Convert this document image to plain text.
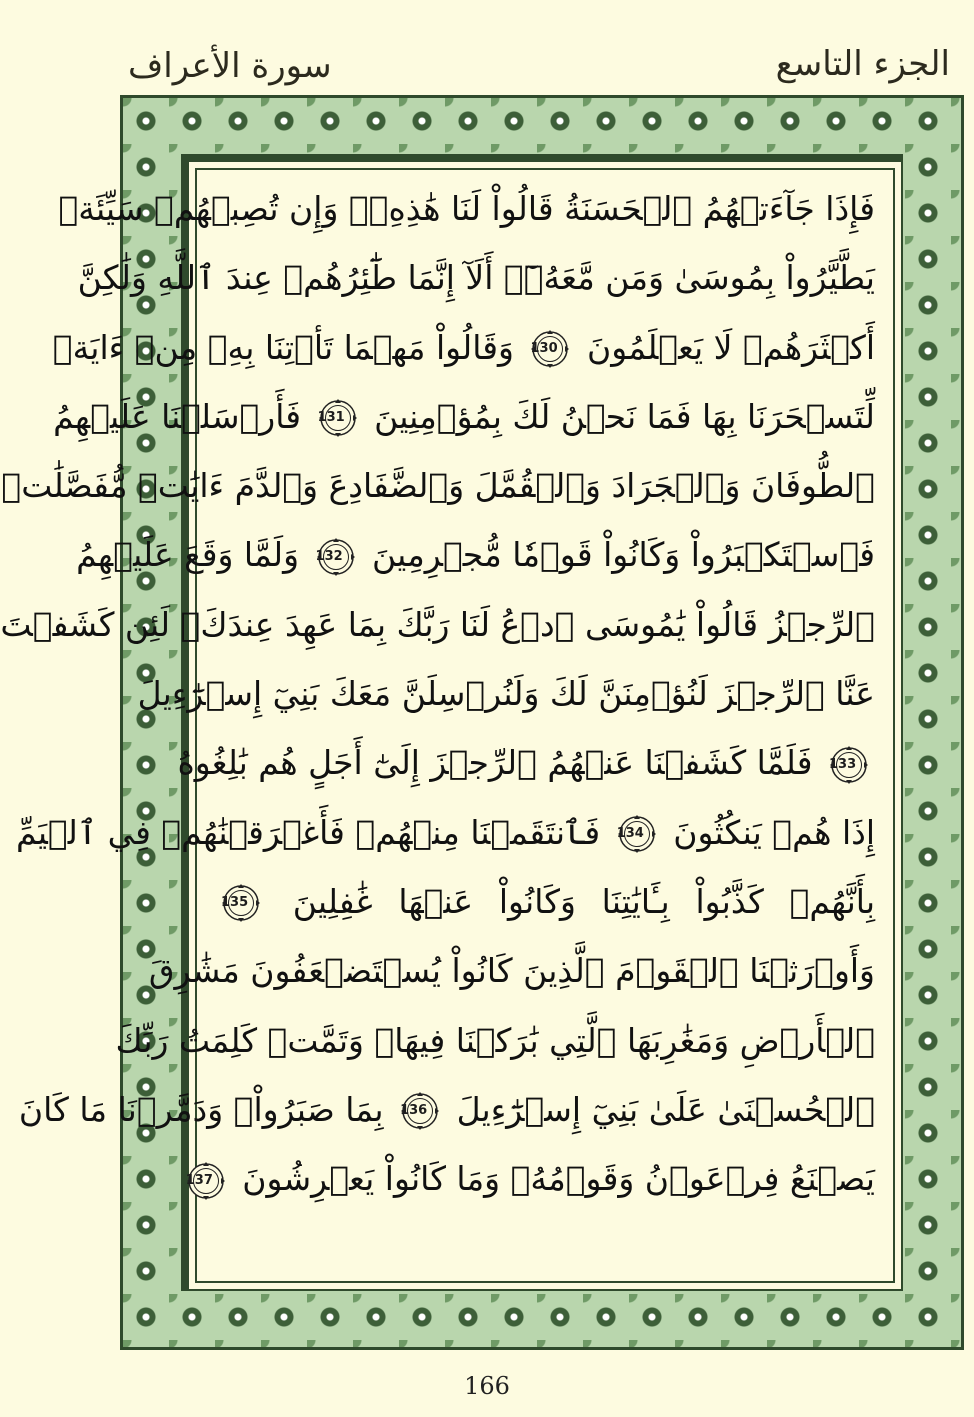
سورة الأعراف	الجزء التاسع
فَإِذَا جَآءَتۡهُمُ ٱلۡحَسَنَةُ قَالُواْ لَنَا هَٰذِهِۦۖ وَإِن تُصِبۡهُمۡ سَيِّئَةٞ
يَطَّيَّرُواْ بِمُوسَىٰ وَمَن مَّعَهُۥٓۗ أَلَآ إِنَّمَا طَٰٓئِرُهُمۡ عِندَ ٱللَّهِ وَلَٰكِنَّ
أَكۡثَرَهُمۡ لَا يَعۡلَمُونَ
130
وَقَالُواْ مَهۡمَا تَأۡتِنَا بِهِۦ مِنۡ ءَايَةٖ
لِّتَسۡحَرَنَا بِهَا فَمَا نَحۡنُ لَكَ بِمُؤۡمِنِينَ
131
فَأَرۡسَلۡنَا عَلَيۡهِمُ
ٱلطُّوفَانَ وَٱلۡجَرَادَ وَٱلۡقُمَّلَ وَٱلضَّفَادِعَ وَٱلدَّمَ ءَايَٰتٖ مُّفَصَّلَٰتٖ
فَٱسۡتَكۡبَرُواْ وَكَانُواْ قَوۡمٗا مُّجۡرِمِينَ
132
وَلَمَّا وَقَعَ عَلَيۡهِمُ
ٱلرِّجۡزُ قَالُواْ يَٰمُوسَى ٱدۡعُ لَنَا رَبَّكَ بِمَا عَهِدَ عِندَكَۖ لَئِن كَشَفۡتَ
عَنَّا ٱلرِّجۡزَ لَنُؤۡمِنَنَّ لَكَ وَلَنُرۡسِلَنَّ مَعَكَ بَنِيٓ إِسۡرَٰٓءِيلَ
133
فَلَمَّا كَشَفۡنَا عَنۡهُمُ ٱلرِّجۡزَ إِلَىٰٓ أَجَلٍ هُم بَٰلِغُوهُ
إِذَا هُمۡ يَنكُثُونَ
134
فَٱنتَقَمۡنَا مِنۡهُمۡ فَأَغۡرَقۡنَٰهُمۡ فِي ٱلۡيَمِّ
بِأَنَّهُمۡ كَذَّبُواْ بِـَٔايَٰتِنَا وَكَانُواْ عَنۡهَا غَٰفِلِينَ
135
وَأَوۡرَثۡنَا ٱلۡقَوۡمَ ٱلَّذِينَ كَانُواْ يُسۡتَضۡعَفُونَ مَشَٰرِقَ
ٱلۡأَرۡضِ وَمَغَٰرِبَهَا ٱلَّتِي بَٰرَكۡنَا فِيهَاۖ وَتَمَّتۡ كَلِمَتُ رَبِّكَ
ٱلۡحُسۡنَىٰ عَلَىٰ بَنِيٓ إِسۡرَٰٓءِيلَ
136
بِمَا صَبَرُواْۖ وَدَمَّرۡنَا مَا كَانَ
يَصۡنَعُ فِرۡعَوۡنُ وَقَوۡمُهُۥ وَمَا كَانُواْ يَعۡرِشُونَ
137
166
